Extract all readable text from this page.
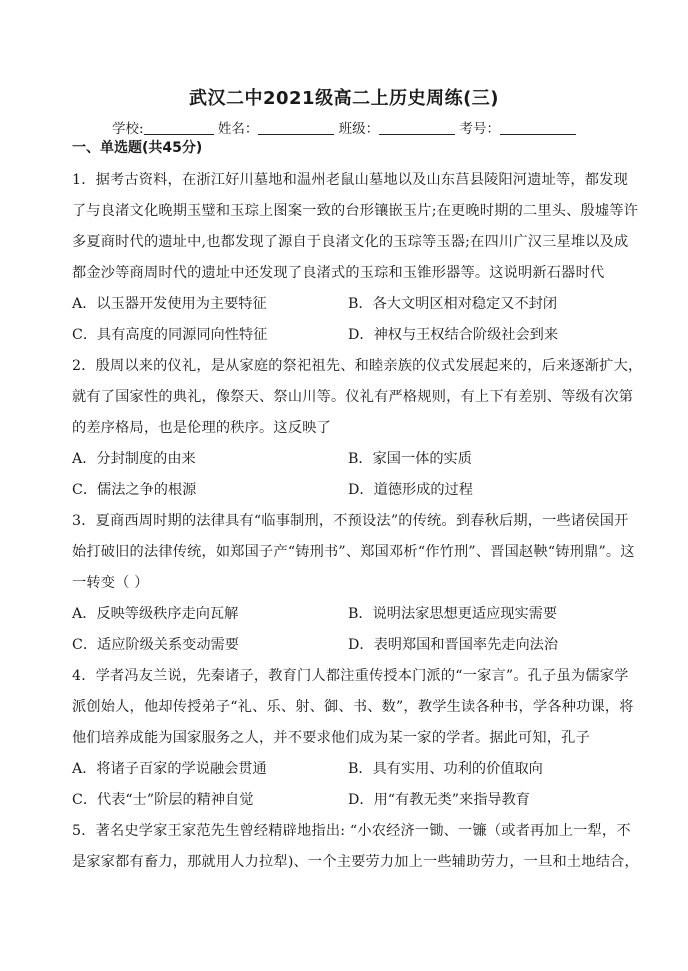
武汉二中2021级高二上历史周练(三)
学校:	姓名：	班级：	考号：
一、单选题(共45分)
1．据考古资料，在浙江好川墓地和温州老鼠山墓地以及山东莒县陵阳河遗址等，都发现
了与良渚文化晚期玉璧和玉琮上图案一致的台形镶嵌玉片;在更晚时期的二里头、殷墟等许
多夏商时代的遗址中,也都发现了源自于良渚文化的玉琮等玉器;在四川广汉三星堆以及成
都金沙等商周时代的遗址中还发现了良渚式的玉琮和玉锥形器等。这说明新石器时代
A．以玉器开发使用为主要特征	B．各大文明区相对稳定又不封闭
C．具有高度的同源同向性特征	D．神权与王权结合阶级社会到来
2．殷周以来的仪礼，是从家庭的祭祀祖先、和睦亲族的仪式发展起来的，后来逐渐扩大，
就有了国家性的典礼，像祭天、祭山川等。仪礼有严格规则，有上下有差别、等级有次第
的差序格局，也是伦理的秩序。这反映了
A．分封制度的由来	B．家国一体的实质
C．儒法之争的根源	D．道德形成的过程
3．夏商西周时期的法律具有“临事制刑，不预设法”的传统。到春秋后期，一些诸侯国开
始打破旧的法律传统，如郑国子产“铸刑书”、郑国邓析“作竹刑”、晋国赵鞅“铸刑鼎”。这
一转变（ ）
A．反映等级秩序走向瓦解	B．说明法家思想更适应现实需要
C．适应阶级关系变动需要	D．表明郑国和晋国率先走向法治
4．学者冯友兰说，先秦诸子，教育门人都注重传授本门派的“一家言”。孔子虽为儒家学
派创始人，他却传授弟子“礼、乐、射、御、书、数”，教学生读各种书，学各种功课，将
他们培养成能为国家服务之人，并不要求他们成为某一家的学者。据此可知，孔子
A．将诸子百家的学说融会贯通	B．具有实用、功利的价值取向
C．代表“士”阶层的精神自觉	D．用“有教无类”来指导教育
5．著名史学家王家范先生曾经精辟地指出: “小农经济一锄、一镰（或者再加上一犁，不
是家家都有畜力，那就用人力拉犁)、一个主要劳力加上一些辅助劳力，一旦和土地结合，
